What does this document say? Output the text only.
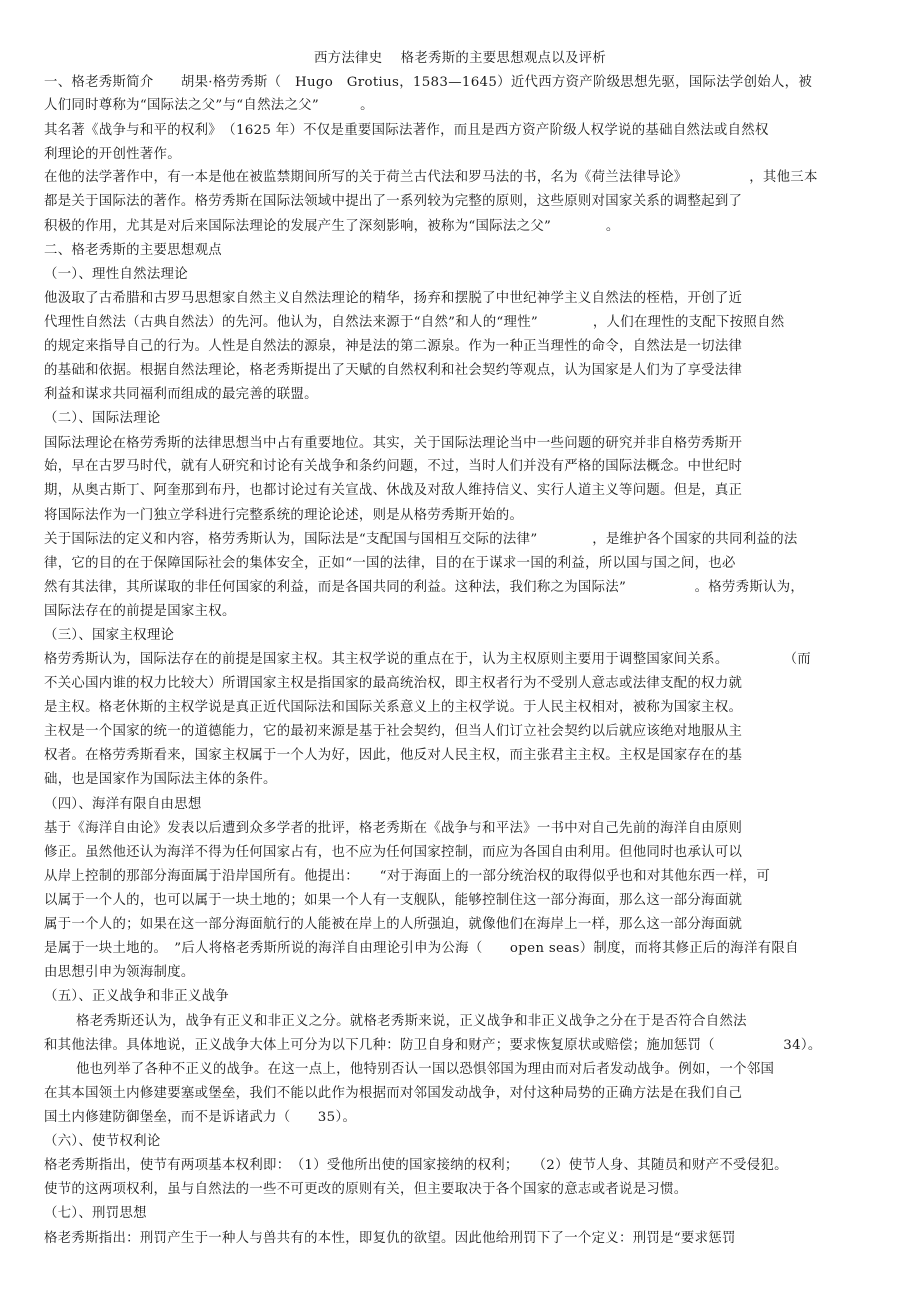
西方法律史　 格老秀斯的主要思想观点以及评析
一、格老秀斯简介　　胡果·格劳秀斯（　Hugo　Grotius，1583—1645）近代西方资产阶级思想先驱，国际法学创始人，被
人们同时尊称为“国际法之父”与“自然法之父”　　　。
其名著《战争与和平的权利》　（1625 年）不仅是重要国际法著作，而且是西方资产阶级人权学说的基础自然法或自然权
利理论的开创性著作。
在他的法学著作中，有一本是他在被监禁期间所写的关于荷兰古代法和罗马法的书，名为《荷兰法律导论》　　　　　，其他三本
都是关于国际法的著作。格劳秀斯在国际法领域中提出了一系列较为完整的原则，这些原则对国家关系的调整起到了
积极的作用，尤其是对后来国际法理论的发展产生了深刻影响，被称为“国际法之父”　　　　。
二、格老秀斯的主要思想观点
（一）、理性自然法理论
他汲取了古希腊和古罗马思想家自然主义自然法理论的精华，扬弃和摆脱了中世纪神学主义自然法的桎梏，开创了近
代理性自然法（古典自然法）的先河。他认为，自然法来源于“自然”和人的“理性”　　　　，人们在理性的支配下按照自然
的规定来指导自己的行为。人性是自然法的源泉，神是法的第二源泉。作为一种正当理性的命令，自然法是一切法律
的基础和依据。根据自然法理论，格老秀斯提出了天赋的自然权利和社会契约等观点，认为国家是人们为了享受法律
利益和谋求共同福利而组成的最完善的联盟。
（二）、国际法理论
国际法理论在格劳秀斯的法律思想当中占有重要地位。其实，关于国际法理论当中一些问题的研究并非自格劳秀斯开
始，早在古罗马时代，就有人研究和讨论有关战争和条约问题，不过，当时人们并没有严格的国际法概念。中世纪时
期，从奥古斯丁、阿奎那到布丹，也都讨论过有关宣战、休战及对敌人维持信义、实行人道主义等问题。但是，真正
将国际法作为一门独立学科进行完整系统的理论论述，则是从格劳秀斯开始的。
关于国际法的定义和内容，格劳秀斯认为，国际法是“支配国与国相互交际的法律”　　　　，是维护各个国家的共同利益的法
律，它的目的在于保障国际社会的集体安全，正如“一国的法律，目的在于谋求一国的利益，所以国与国之间，也必
然有其法律，其所谋取的非任何国家的利益，而是各国共同的利益。这种法，我们称之为国际法”　　　　　。格劳秀斯认为，
国际法存在的前提是国家主权。
（三）、国家主权理论
格劳秀斯认为，国际法存在的前提是国家主权。其主权学说的重点在于，认为主权原则主要用于调整国家间关系。　　　　　（而
不关心国内谁的权力比较大）所谓国家主权是指国家的最高统治权，即主权者行为不受别人意志或法律支配的权力就
是主权。格老休斯的主权学说是真正近代国际法和国际关系意义上的主权学说。于人民主权相对，被称为国家主权。
主权是一个国家的统一的道德能力，它的最初来源是基于社会契约，但当人们订立社会契约以后就应该绝对地服从主
权者。在格劳秀斯看来，国家主权属于一个人为好，因此，他反对人民主权，而主张君主主权。主权是国家存在的基
础，也是国家作为国际法主体的条件。
（四）、海洋有限自由思想
基于《海洋自由论》发表以后遭到众多学者的批评，格老秀斯在《战争与和平法》一书中对自己先前的海洋自由原则
修正。虽然他还认为海洋不得为任何国家占有，也不应为任何国家控制，而应为各国自由利用。但他同时也承认可以
从岸上控制的那部分海面属于沿岸国所有。他提出：　　“对于海面上的一部分统治权的取得似乎也和对其他东西一样，可
以属于一个人的，也可以属于一块土地的；如果一个人有一支舰队，能够控制住这一部分海面，那么这一部分海面就
属于一个人的；如果在这一部分海面航行的人能被在岸上的人所强迫，就像他们在海岸上一样，那么这一部分海面就
是属于一块土地的。　”后人将格老秀斯所说的海洋自由理论引申为公海（　　open seas）制度，而将其修正后的海洋有限自
由思想引申为领海制度。
（五）、正义战争和非正义战争
格老秀斯还认为，战争有正义和非正义之分。就格老秀斯来说，正义战争和非正义战争之分在于是否符合自然法
和其他法律。具体地说，正义战争大体上可分为以下几种：防卫自身和财产；要求恢复原状或赔偿；施加惩罚（　　　　　34）。
他也列举了各种不正义的战争。在这一点上，他特别否认一国以恐惧邻国为理由而对后者发动战争。例如，一个邻国
在其本国领土内修建要塞或堡垒，我们不能以此作为根据而对邻国发动战争，对付这种局势的正确方法是在我们自己
国土内修建防御堡垒，而不是诉诸武力（　　35）。
（六）、使节权利论
格老秀斯指出，使节有两项基本权利即：　（1）受他所出使的国家接纳的权利；　　（2）使节人身、其随员和财产不受侵犯。
使节的这两项权利，虽与自然法的一些不可更改的原则有关，但主要取决于各个国家的意志或者说是习惯。
（七）、刑罚思想
格老秀斯指出：刑罚产生于一种人与兽共有的本性，即复仇的欲望。因此他给刑罚下了一个定义：刑罚是“要求惩罚
